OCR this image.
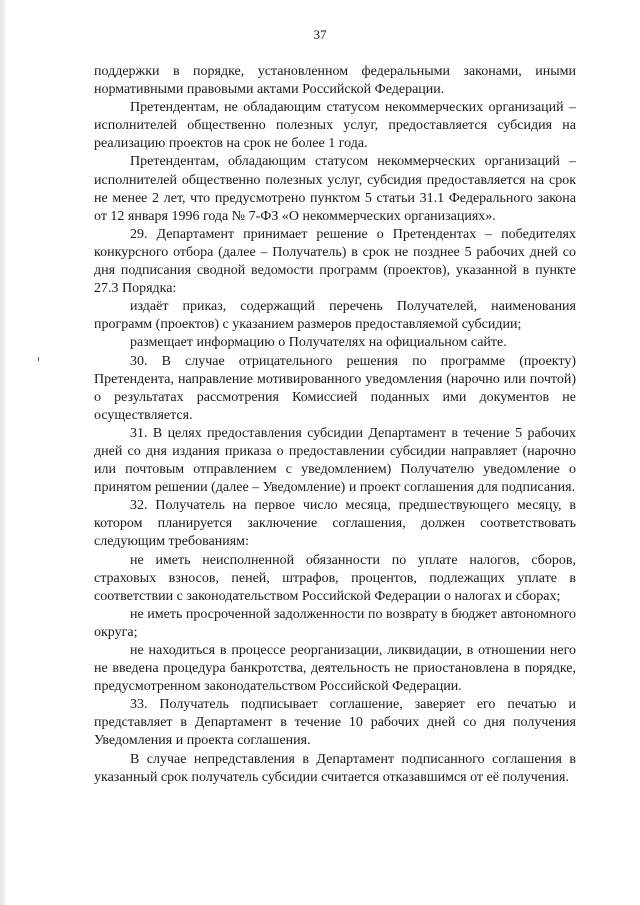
37

поддержки в порядке, установленном федеральными законами, иными нормативными правовыми актами Российской Федерации.

Претендентам, не обладающим статусом некоммерческих организаций – исполнителей общественно полезных услуг, предоставляется субсидия на реализацию проектов на срок не более 1 года.

Претендентам, обладающим статусом некоммерческих организаций – исполнителей общественно полезных услуг, субсидия предоставляется на срок не менее 2 лет, что предусмотрено пунктом 5 статьи 31.1 Федерального закона от 12 января 1996 года № 7-ФЗ «О некоммерческих организациях».

29. Департамент принимает решение о Претендентах – победителях конкурсного отбора (далее – Получатель) в срок не позднее 5 рабочих дней со дня подписания сводной ведомости программ (проектов), указанной в пункте 27.3 Порядка:

издаёт приказ, содержащий перечень Получателей, наименования программ (проектов) с указанием размеров предоставляемой субсидии;

размещает информацию о Получателях на официальном сайте.

30. В случае отрицательного решения по программе (проекту) Претендента, направление мотивированного уведомления (нарочно или почтой) о результатах рассмотрения Комиссией поданных ими документов не осуществляется.

31. В целях предоставления субсидии Департамент в течение 5 рабочих дней со дня издания приказа о предоставлении субсидии направляет (нарочно или почтовым отправлением с уведомлением) Получателю уведомление о принятом решении (далее – Уведомление) и проект соглашения для подписания.

32. Получатель на первое число месяца, предшествующего месяцу, в котором планируется заключение соглашения, должен соответствовать следующим требованиям:

не иметь неисполненной обязанности по уплате налогов, сборов, страховых взносов, пеней, штрафов, процентов, подлежащих уплате в соответствии с законодательством Российской Федерации о налогах и сборах;

не иметь просроченной задолженности по возврату в бюджет автономного округа;

не находиться в процессе реорганизации, ликвидации, в отношении него не введена процедура банкротства, деятельность не приостановлена в порядке, предусмотренном законодательством Российской Федерации.

33. Получатель подписывает соглашение, заверяет его печатью и представляет в Департамент в течение 10 рабочих дней со дня получения Уведомления и проекта соглашения.

В случае непредставления в Департамент подписанного соглашения в указанный срок получатель субсидии считается отказавшимся от её получения.
